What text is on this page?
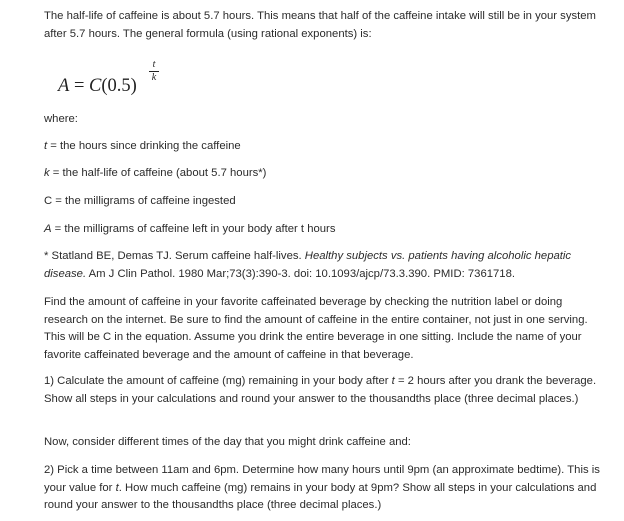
The half-life of caffeine is about 5.7 hours. This means that half of the caffeine intake will still be in your system after 5.7 hours. The general formula (using rational exponents) is:

A = C(0.5)
t
k

where:

t = the hours since drinking the caffeine

k = the half-life of caffeine (about 5.7 hours*)

C = the milligrams of caffeine ingested

A = the milligrams of caffeine left in your body after t hours

* Statland BE, Demas TJ. Serum caffeine half-lives. Healthy subjects vs. patients having alcoholic hepatic disease. Am J Clin Pathol. 1980 Mar;73(3):390-3. doi: 10.1093/ajcp/73.3.390. PMID: 7361718.

Find the amount of caffeine in your favorite caffeinated beverage by checking the nutrition label or doing research on the internet. Be sure to find the amount of caffeine in the entire container, not just in one serving. This will be C in the equation. Assume you drink the entire beverage in one sitting. Include the name of your favorite caffeinated beverage and the amount of caffeine in that beverage.

1) Calculate the amount of caffeine (mg) remaining in your body after t = 2 hours after you drank the beverage. Show all steps in your calculations and round your answer to the thousandths place (three decimal places.)

Now, consider different times of the day that you might drink caffeine and:

2) Pick a time between 11am and 6pm. Determine how many hours until 9pm (an approximate bedtime). This is your value for t. How much caffeine (mg) remains in your body at 9pm? Show all steps in your calculations and round your answer to the thousandths place (three decimal places.)
